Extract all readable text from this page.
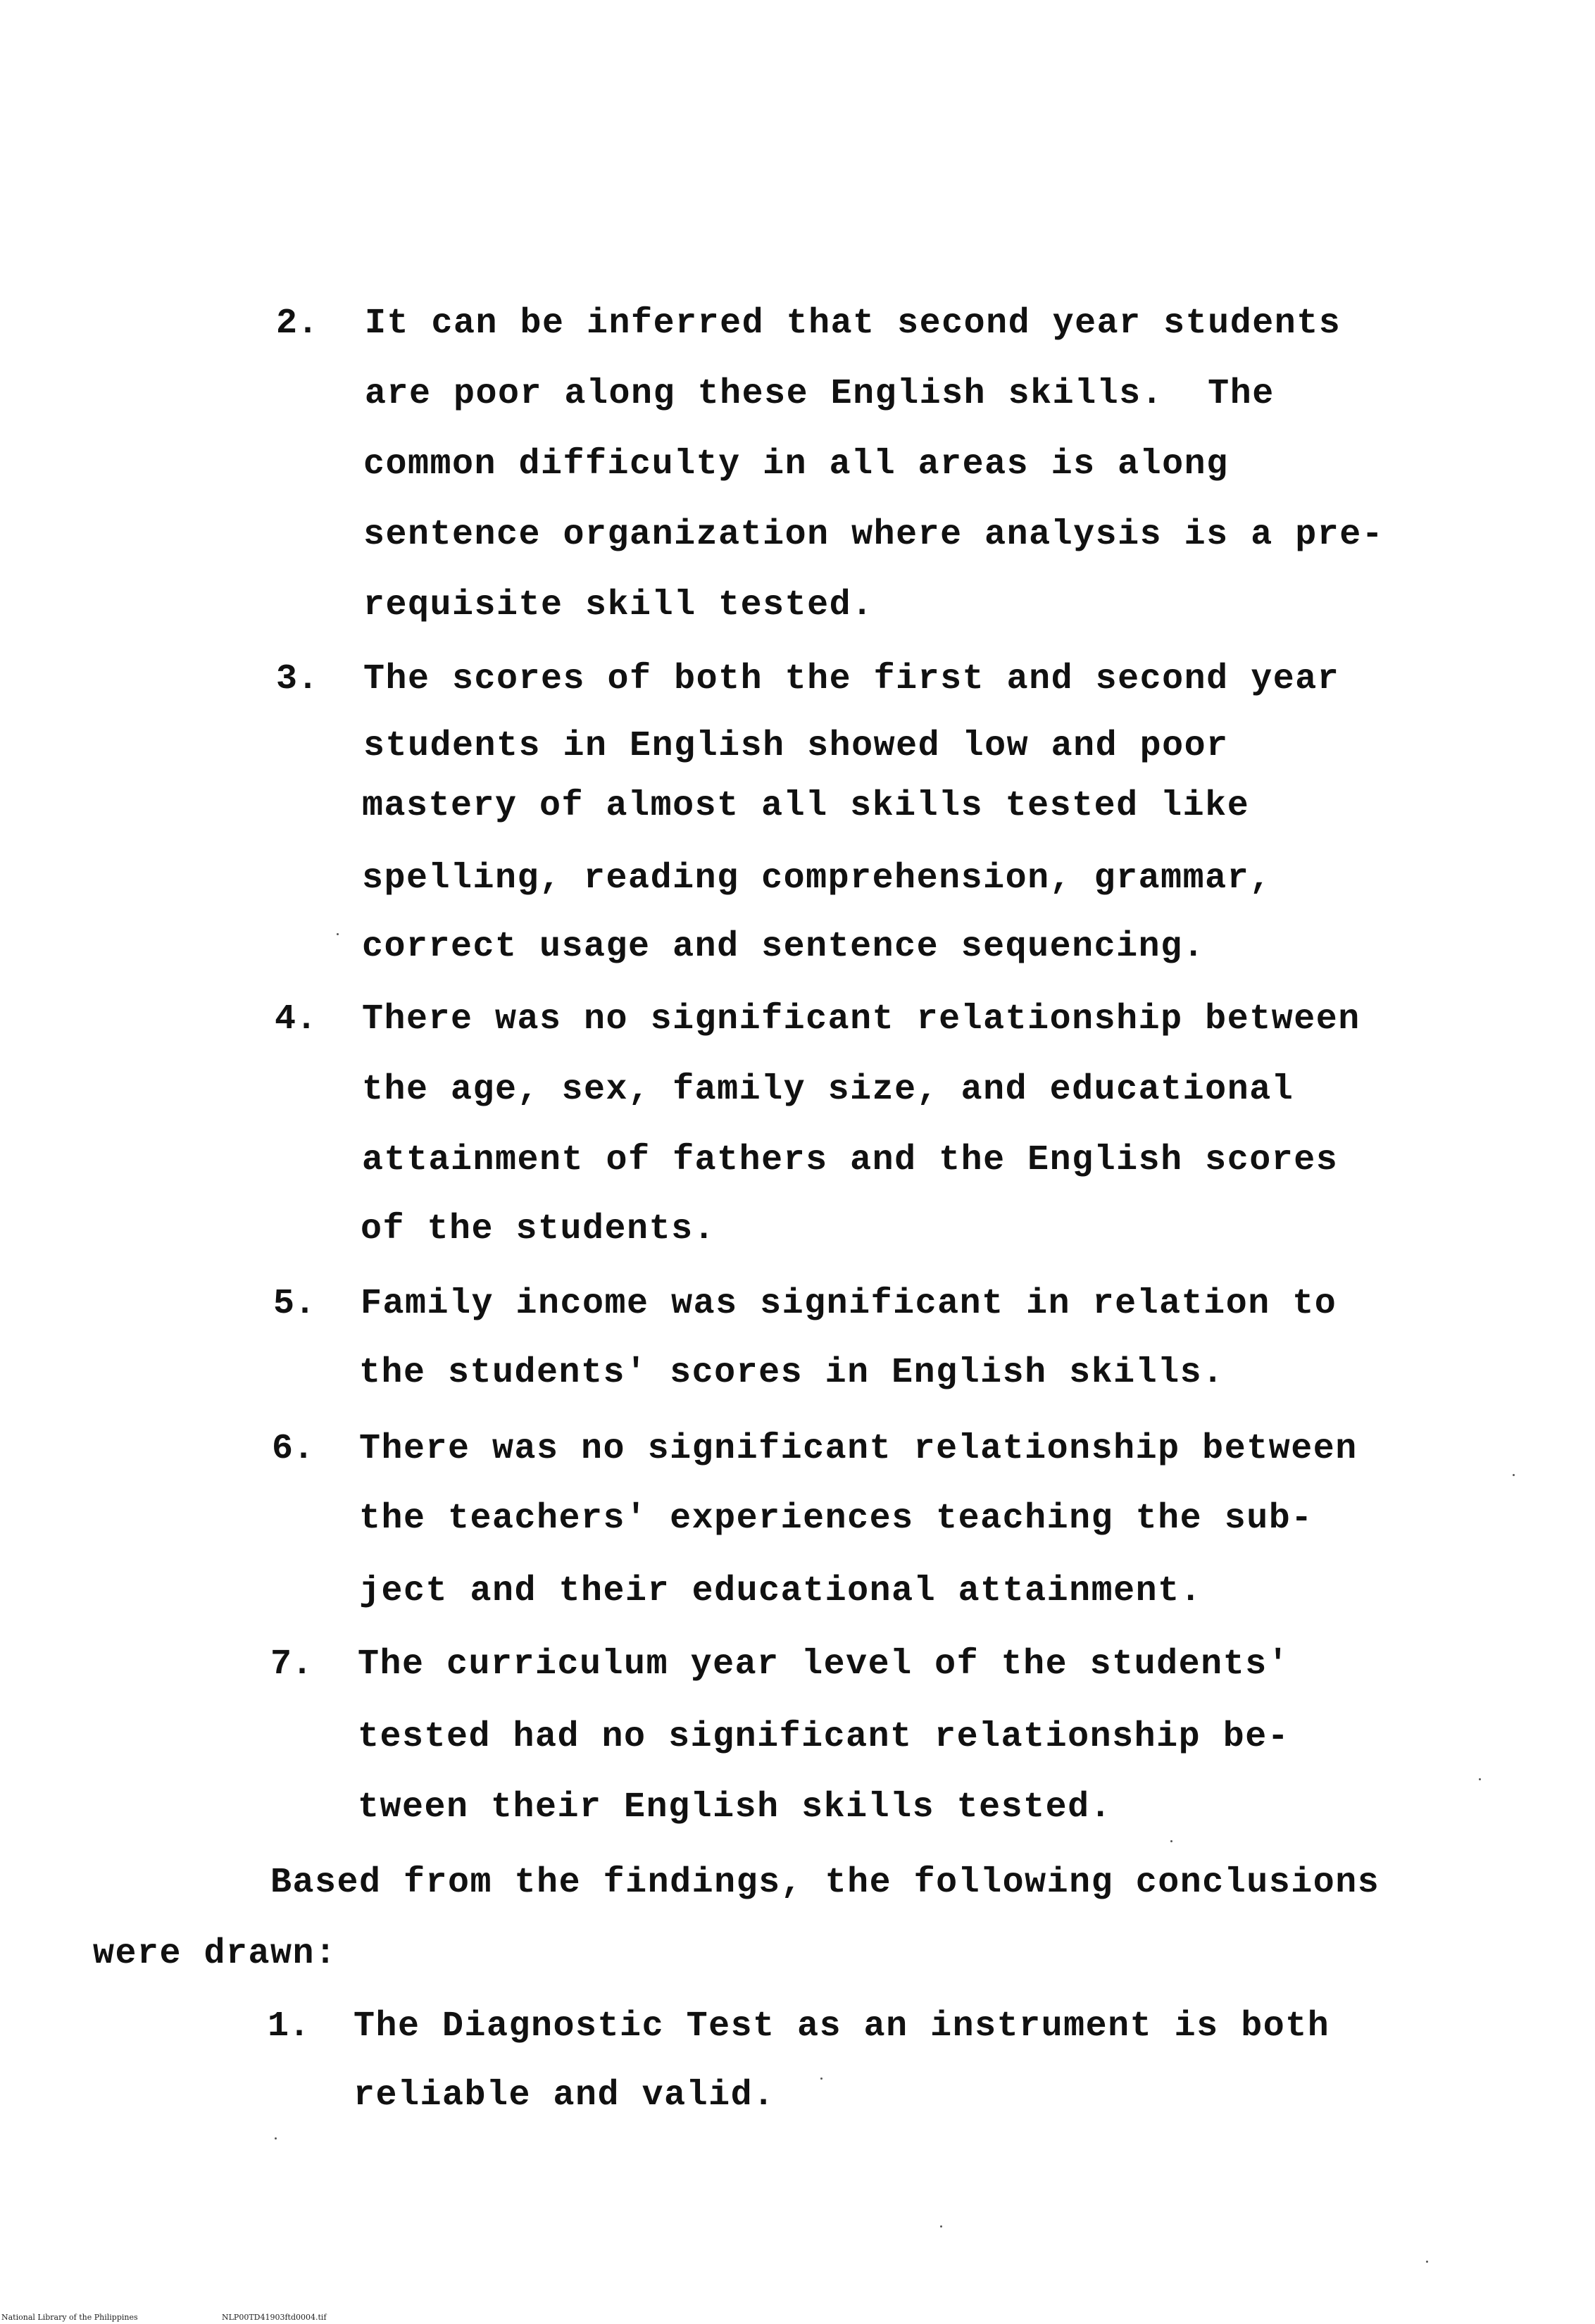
2. It can be inferred that second year students
are poor along these English skills.  The
common difficulty in all areas is along
sentence organization where analysis is a pre-
requisite skill tested.
3. The scores of both the first and second year
students in English showed low and poor
mastery of almost all skills tested like
spelling, reading comprehension, grammar,
correct usage and sentence sequencing.
4. There was no significant relationship between
the age, sex, family size, and educational
attainment of fathers and the English scores
of the students.
5. Family income was significant in relation to
the students' scores in English skills.
6. There was no significant relationship between
the teachers' experiences teaching the sub-
ject and their educational attainment.
7. The curriculum year level of the students'
tested had no significant relationship be-
tween their English skills tested.
Based from the findings, the following conclusions
were drawn:
1. The Diagnostic Test as an instrument is both
reliable and valid.
National Library of the Philippines	NLP00TD41903ftd0004.tif
